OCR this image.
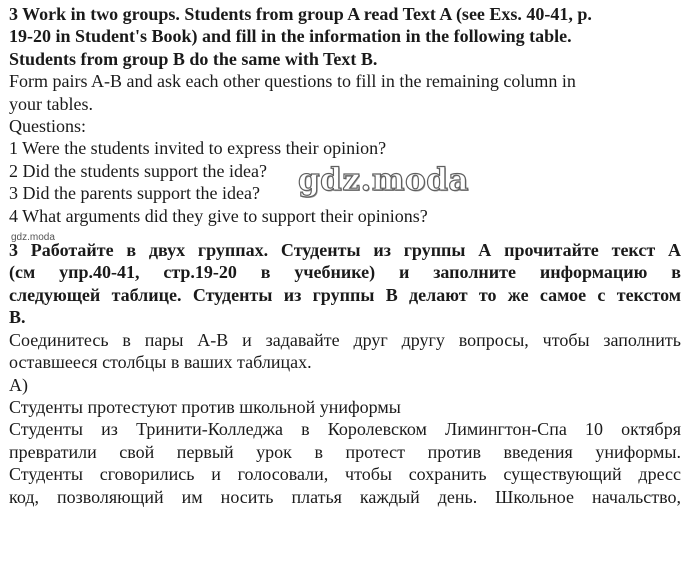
3 Work in two groups. Students from group A read Text A (see Exs. 40-41, p.
19-20 in Student's Book) and fill in the information in the following table.
Students from group B do the same with Text B.
Form pairs A-B and ask each other questions to fill in the remaining column in
your tables.
Questions:
1 Were the students invited to express their opinion?
2 Did the students support the idea?
3 Did the parents support the idea?
4 What arguments did they give to support their opinions?
3 Работайте в двух группах. Студенты из группы А прочитайте текст А
(см упр.40-41, стр.19-20 в учебнике) и заполните информацию в
следующей таблице. Студенты из группы В делают то же самое с текстом
В.
Соединитесь в пары А-В и задавайте друг другу вопросы, чтобы заполнить
оставшееся столбцы в ваших таблицах.
А)
Студенты протестуют против школьной униформы
Студенты из Тринити-Колледжа в Королевском Лимингтон-Спа 10 октября
превратили свой первый урок в протест против введения униформы.
Студенты сговорились и голосовали, чтобы сохранить существующий дресс
код, позволяющий им носить платья каждый день. Школьное начальство,
gdz.moda
gdz.moda
